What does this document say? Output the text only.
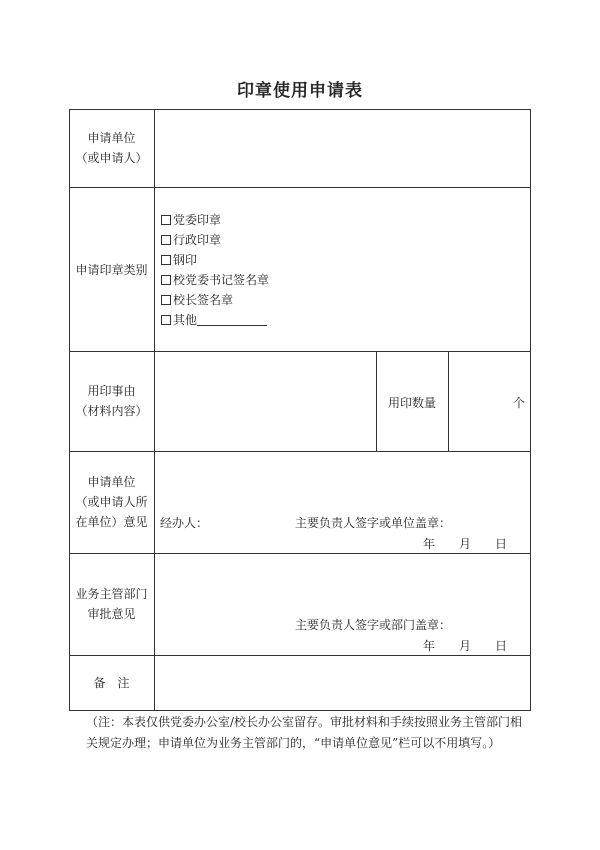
印章使用申请表
申请单位
（或申请人）
申请印章类别
党委印章
行政印章
钢印
校党委书记签名章
校长签名章
其他
用印事由
（材料内容）
用印数量	个
申请单位
（或申请人所
在单位）意见	经办人：	主要负责人签字或单位盖章：
年 月 日
业务主管部门
审批意见
主要负责人签字或部门盖章：
年 月 日
备　注
（注：本表仅供党委办公室/校长办公室留存。审批材料和手续按照业务主管部门相关规定办理；申请单位为业务主管部门的，“申请单位意见”栏可以不用填写。）
